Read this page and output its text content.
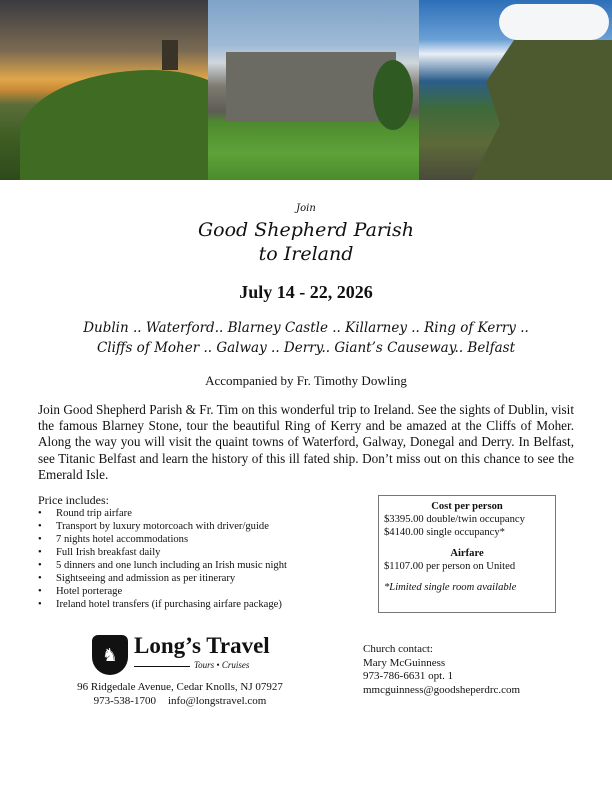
Join
Good Shepherd Parish
to Ireland
July 14 - 22, 2026
Dublin .. Waterford.. Blarney Castle .. Killarney .. Ring of Kerry ..
Cliffs of Moher .. Galway .. Derry.. Giant’s Causeway.. Belfast
Accompanied by Fr. Timothy Dowling
Join Good Shepherd Parish & Fr. Tim on this wonderful trip to Ireland. See the sights of Dublin, visit the famous Blarney Stone, tour the beautiful Ring of Kerry and be amazed at the Cliffs of Moher. Along the way you will visit the quaint towns of Waterford, Galway, Donegal and Derry. In Belfast, see Titanic Belfast and learn the history of this ill fated ship. Don’t miss out on this chance to see the Emerald Isle.
Price includes:
• Round trip airfare
• Transport by luxury motorcoach with driver/guide
• 7 nights hotel accommodations
• Full Irish breakfast daily
• 5 dinners and one lunch including an Irish music night
• Sightseeing and admission as per itinerary
• Hotel porterage
• Ireland hotel transfers (if purchasing airfare package)
Cost per person
$3395.00 double/twin occupancy
$4140.00 single occupancy*
Airfare
$1107.00 per person on United
*Limited single room available
♞ Long’s Travel
Tours • Cruises
96 Ridgedale Avenue, Cedar Knolls, NJ 07927
973-538-1700 info@longstravel.com
Church contact:
Mary McGuinness
973-786-6631 opt. 1
mmcguinness@goodsheperdrc.com
